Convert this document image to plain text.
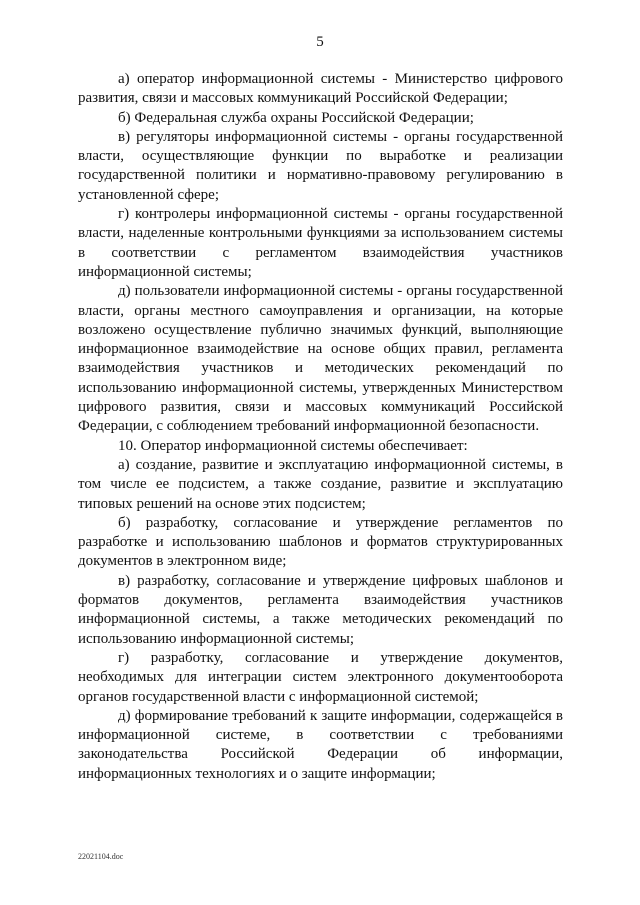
5

а) оператор информационной системы - Министерство цифрового развития, связи и массовых коммуникаций Российской Федерации;

б) Федеральная служба охраны Российской Федерации;

в) регуляторы информационной системы - органы государственной власти, осуществляющие функции по выработке и реализации государственной политики и нормативно-правовому регулированию в установленной сфере;

г) контролеры информационной системы - органы государственной власти, наделенные контрольными функциями за использованием системы в соответствии с регламентом взаимодействия участников информационной системы;

д) пользователи информационной системы - органы государственной власти, органы местного самоуправления и организации, на которые возложено осуществление публично значимых функций, выполняющие информационное взаимодействие на основе общих правил, регламента взаимодействия участников и методических рекомендаций по использованию информационной системы, утвержденных Министерством цифрового развития, связи и массовых коммуникаций Российской Федерации, с соблюдением требований информационной безопасности.

10. Оператор информационной системы обеспечивает:

а) создание, развитие и эксплуатацию информационной системы, в том числе ее подсистем, а также создание, развитие и эксплуатацию типовых решений на основе этих подсистем;

б) разработку, согласование и утверждение регламентов по разработке и использованию шаблонов и форматов структурированных документов в электронном виде;

в) разработку, согласование и утверждение цифровых шаблонов и форматов документов, регламента взаимодействия участников информационной системы, а также методических рекомендаций по использованию информационной системы;

г) разработку, согласование и утверждение документов, необходимых для интеграции систем электронного документооборота органов государственной власти с информационной системой;

д) формирование требований к защите информации, содержащейся в информационной системе, в соответствии с требованиями законодательства Российской Федерации об информации, информационных технологиях и о защите информации;

22021104.doc
